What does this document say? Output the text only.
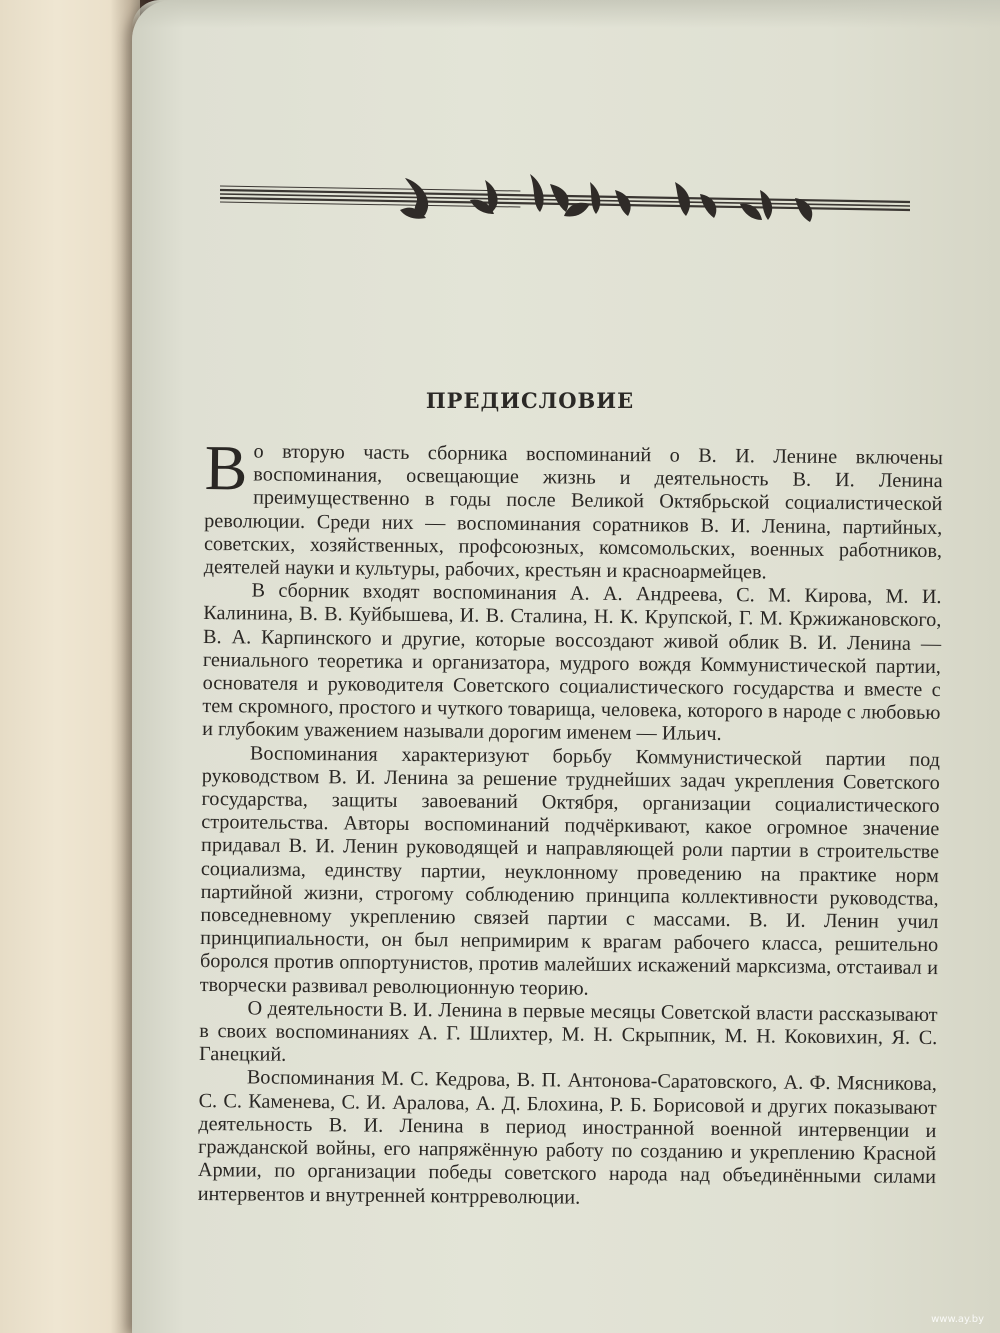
ПРЕДИСЛОВИЕ

Во вторую часть сборника воспоминаний о В. И. Ленине включены воспоминания, освещающие жизнь и деятельность В. И. Ленина преимущественно в годы после Великой Октябрьской социалистической революции. Среди них — воспоминания соратников В. И. Ленина, партийных, советских, хозяйственных, профсоюзных, комсомольских, военных работников, деятелей науки и культуры, рабочих, крестьян и красноармейцев.

В сборник входят воспоминания А. А. Андреева, С. М. Кирова, М. И. Калинина, В. В. Куйбышева, И. В. Сталина, Н. К. Крупской, Г. М. Кржижановского, В. А. Карпинского и другие, которые воссоздают живой облик В. И. Ленина — гениального теоретика и организатора, мудрого вождя Коммунистической партии, основателя и руководителя Советского социалистического государства и вместе с тем скромного, простого и чуткого товарища, человека, которого в народе с любовью и глубоким уважением называли дорогим именем — Ильич.

Воспоминания характеризуют борьбу Коммунистической партии под руководством В. И. Ленина за решение труднейших задач укрепления Советского государства, защиты завоеваний Октября, организации социалистического строительства. Авторы воспоминаний подчёркивают, какое огромное значение придавал В. И. Ленин руководящей и направляющей роли партии в строительстве социализма, единству партии, неуклонному проведению на практике норм партийной жизни, строгому соблюдению принципа коллективности руководства, повседневному укреплению связей партии с массами. В. И. Ленин учил принципиальности, он был непримирим к врагам рабочего класса, решительно боролся против оппортунистов, против малейших искажений марксизма, отстаивал и творчески развивал революционную теорию.

О деятельности В. И. Ленина в первые месяцы Советской власти рассказывают в своих воспоминаниях А. Г. Шлихтер, М. Н. Скрыпник, М. Н. Коковихин, Я. С. Ганецкий.

Воспоминания М. С. Кедрова, В. П. Антонова-Саратовского, А. Ф. Мясникова, С. С. Каменева, С. И. Аралова, А. Д. Блохина, Р. Б. Борисовой и других показывают деятельность В. И. Ленина в период иностранной военной интервенции и гражданской войны, его напряжённую работу по созданию и укреплению Красной Армии, по организации победы советского народа над объединёнными силами интервентов и внутренней контрреволюции.

www.ay.by
